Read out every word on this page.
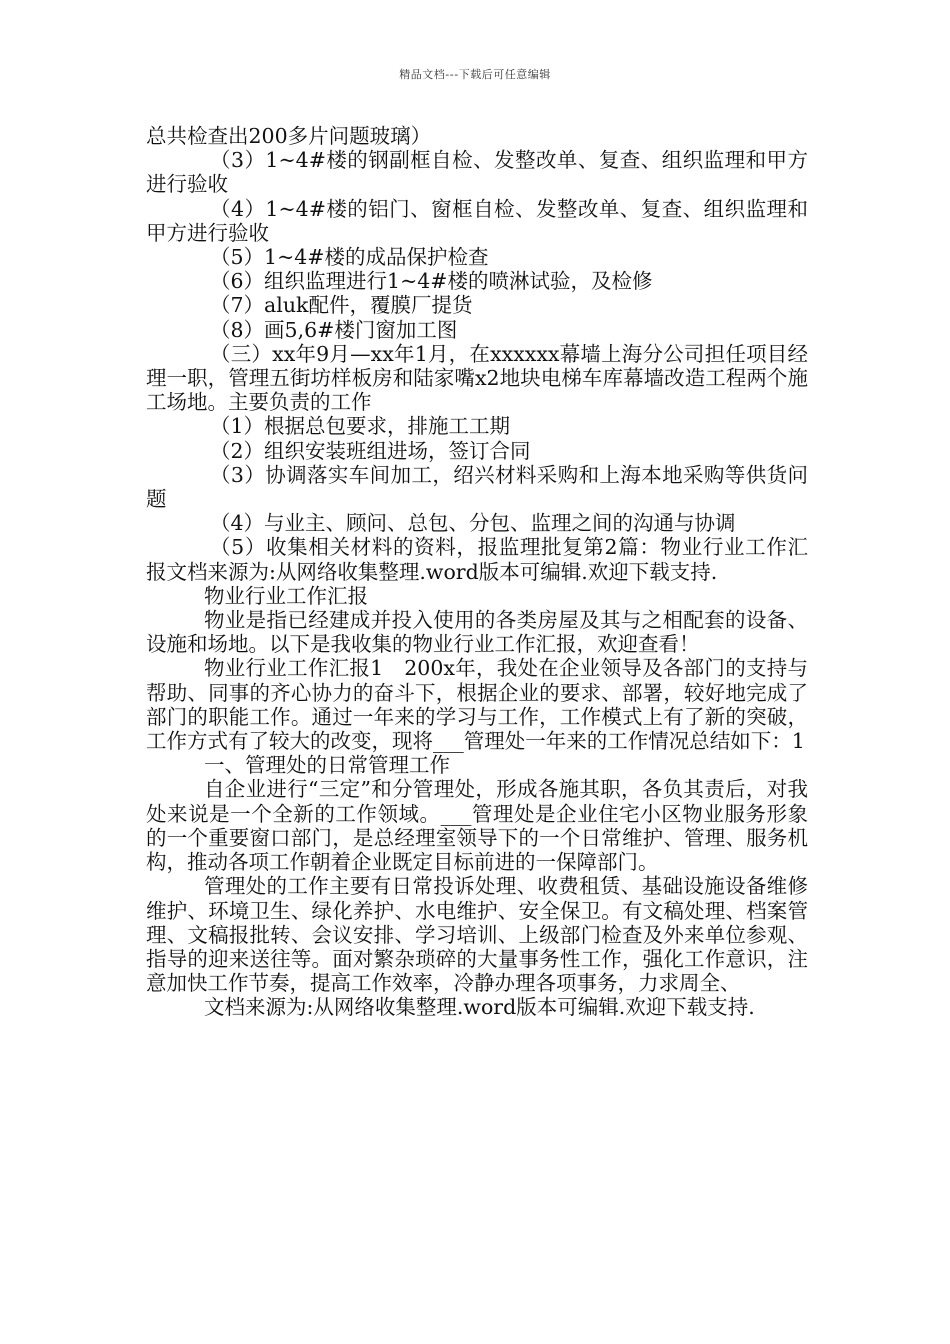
精品文档---下载后可任意编辑

总共检查出200多片问题玻璃）

（3）1~4#楼的钢副框自检、发整改单、复查、组织监理和甲方进行验收

（4）1~4#楼的铝门、窗框自检、发整改单、复查、组织监理和甲方进行验收

（5）1~4#楼的成品保护检查

（6）组织监理进行1~4#楼的喷淋试验，及检修

（7）aluk配件，覆膜厂提货

（8）画5,6#楼门窗加工图

（三）xx年9月—xx年1月，在xxxxxx幕墙上海分公司担任项目经理一职，管理五街坊样板房和陆家嘴x2地块电梯车库幕墙改造工程两个施工场地。主要负责的工作

（1）根据总包要求，排施工工期

（2）组织安装班组进场，签订合同

（3）协调落实车间加工，绍兴材料采购和上海本地采购等供货问题

（4）与业主、顾问、总包、分包、监理之间的沟通与协调

（5）收集相关材料的资料，报监理批复第2篇：物业行业工作汇报文档来源为:从网络收集整理.word版本可编辑.欢迎下载支持.

物业行业工作汇报

物业是指已经建成并投入使用的各类房屋及其与之相配套的设备、设施和场地。以下是我收集的物业行业工作汇报，欢迎查看！

物业行业工作汇报1　200x年，我处在企业领导及各部门的支持与帮助、同事的齐心协力的奋斗下，根据企业的要求、部署，较好地完成了部门的职能工作。通过一年来的学习与工作，工作模式上有了新的突破，工作方式有了较大的改变，现将___管理处一年来的工作情况总结如下：1

一、管理处的日常管理工作

自企业进行“三定”和分管理处，形成各施其职，各负其责后，对我处来说是一个全新的工作领域。___管理处是企业住宅小区物业服务形象的一个重要窗口部门，是总经理室领导下的一个日常维护、管理、服务机构，推动各项工作朝着企业既定目标前进的一保障部门。

管理处的工作主要有日常投诉处理、收费租赁、基础设施设备维修维护、环境卫生、绿化养护、水电维护、安全保卫。有文稿处理、档案管理、文稿报批转、会议安排、学习培训、上级部门检查及外来单位参观、指导的迎来送往等。面对繁杂琐碎的大量事务性工作，强化工作意识，注意加快工作节奏，提高工作效率，冷静办理各项事务，力求周全、

文档来源为:从网络收集整理.word版本可编辑.欢迎下载支持.
